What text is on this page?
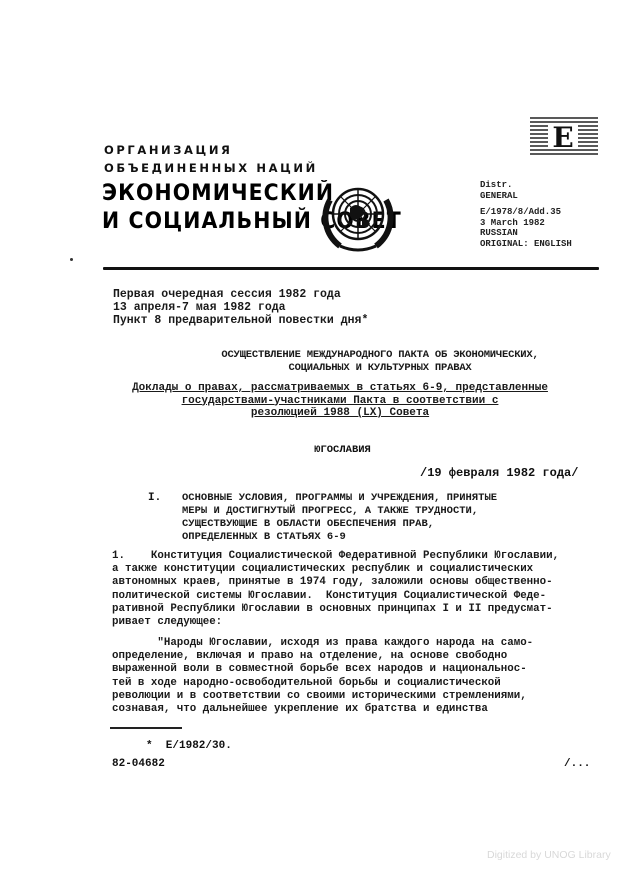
ОРГАНИЗАЦИЯ
ОБЪЕДИНЕННЫХ НАЦИЙ
ЭКОНОМИЧЕСКИЙ
И СОЦИАЛЬНЫЙ СОВЕТ
E
Distr.
GENERAL
E/1978/8/Add.35
3 March 1982
RUSSIAN
ORIGINAL: ENGLISH
Первая очередная сессия 1982 года
13 апреля-7 мая 1982 года
Пункт 8 предварительной повестки дня*
ОСУЩЕСТВЛЕНИЕ МЕЖДУНАРОДНОГО ПАКТА ОБ ЭКОНОМИЧЕСКИХ,
СОЦИАЛЬНЫХ И КУЛЬТУРНЫХ ПРАВАХ
Доклады о правах, рассматриваемых в статьях 6-9, представленные
государствами-участниками Пакта в соответствии с
резолюцией 1988 (LX) Совета
ЮГОСЛАВИЯ
/19 февраля 1982 года/
I. ОСНОВНЫЕ УСЛОВИЯ, ПРОГРАММЫ И УЧРЕЖДЕНИЯ, ПРИНЯТЫЕ
МЕРЫ И ДОСТИГНУТЫЙ ПРОГРЕСС, А ТАКЖЕ ТРУДНОСТИ,
СУЩЕСТВУЮЩИЕ В ОБЛАСТИ ОБЕСПЕЧЕНИЯ ПРАВ,
ОПРЕДЕЛЕННЫХ В СТАТЬЯХ 6-9
1.    Конституция Социалистической Федеративной Республики Югославии,
а также конституции социалистических республик и социалистических
автономных краев, принятые в 1974 году, заложили основы общественно-
политической системы Югославии.  Конституция Социалистической Феде-
ративной Республики Югославии в основных принципах I и II предусмат-
ривает следующее:
"Народы Югославии, исходя из права каждого народа на само-
определение, включая и право на отделение, на основе свободно
выраженной воли в совместной борьбе всех народов и национальнос-
тей в ходе народно-освободительной борьбы и социалистической
революции и в соответствии со своими историческими стремлениями,
сознавая, что дальнейшее укрепление их братства и единства
*  E/1982/30.
82-04682	/...
Digitized by UNOG Library
